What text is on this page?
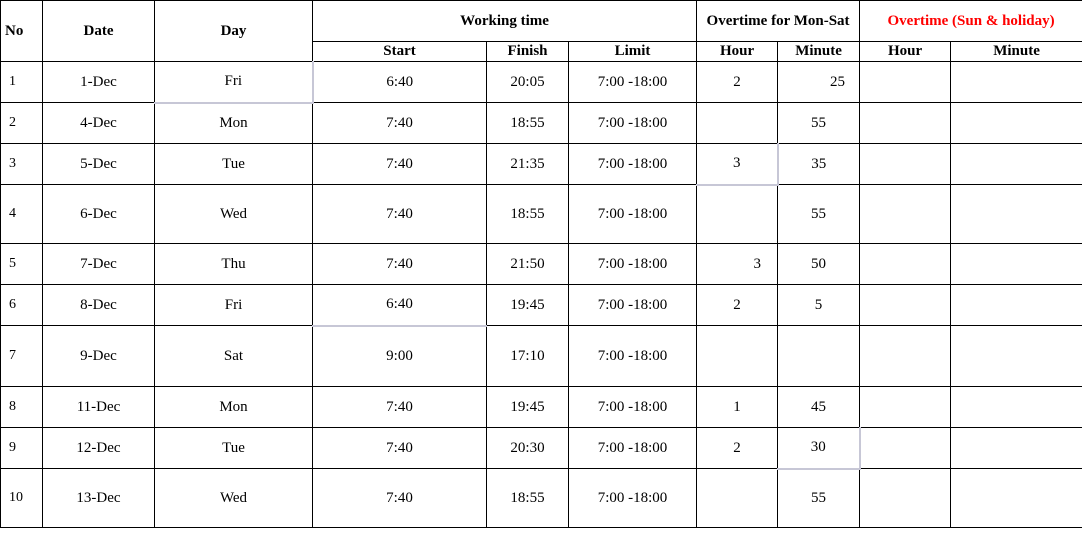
No	Date	Day	Working time			Overtime for Mon-Sat		Overtime (Sun & holiday)	
			Start	Finish	Limit	Hour	Minute	Hour	Minute
1	1-Dec	Fri	6:40	20:05	7:00 -18:00	2	25		
2	4-Dec	Mon	7:40	18:55	7:00 -18:00		55		
3	5-Dec	Tue	7:40	21:35	7:00 -18:00	3	35		
4	6-Dec	Wed	7:40	18:55	7:00 -18:00		55		
5	7-Dec	Thu	7:40	21:50	7:00 -18:00	3	50		
6	8-Dec	Fri	6:40	19:45	7:00 -18:00	2	5		
7	9-Dec	Sat	9:00	17:10	7:00 -18:00				
8	11-Dec	Mon	7:40	19:45	7:00 -18:00	1	45		
9	12-Dec	Tue	7:40	20:30	7:00 -18:00	2	30		
10	13-Dec	Wed	7:40	18:55	7:00 -18:00		55		
